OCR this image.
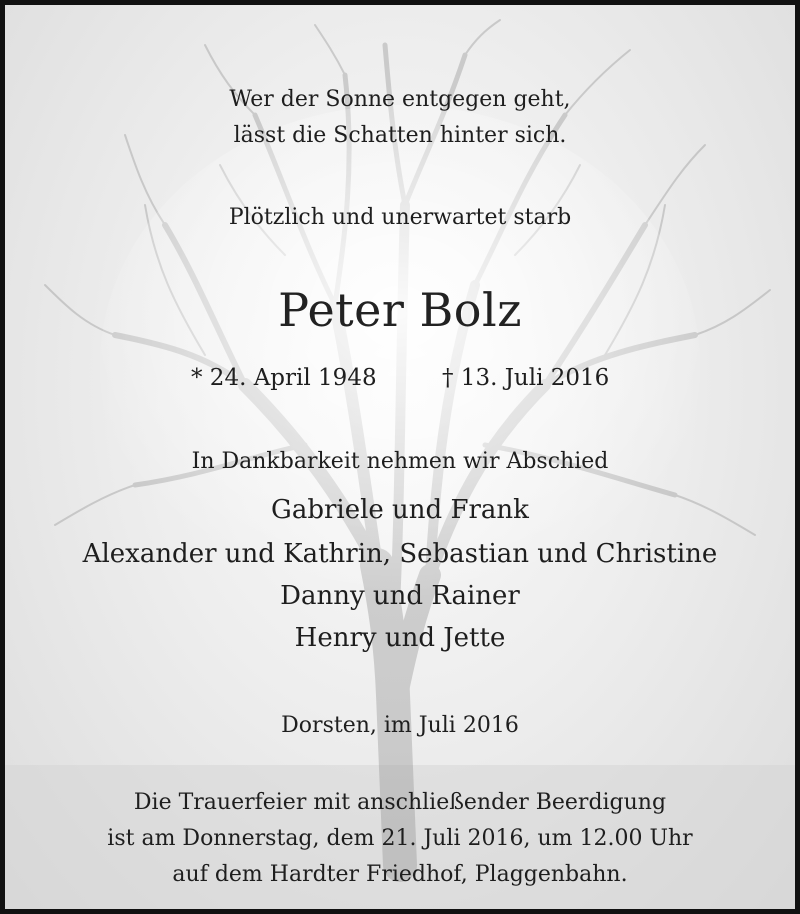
Wer der Sonne entgegen geht,
lässt die Schatten hinter sich.
Plötzlich und unerwartet starb
Peter Bolz
* 24. April 1948	† 13. Juli 2016
In Dankbarkeit nehmen wir Abschied
Gabriele und Frank
Alexander und Kathrin, Sebastian und Christine
Danny und Rainer
Henry und Jette
Dorsten, im Juli 2016
Die Trauerfeier mit anschließender Beerdigung
ist am Donnerstag, dem 21. Juli 2016, um 12.00 Uhr
auf dem Hardter Friedhof, Plaggenbahn.
